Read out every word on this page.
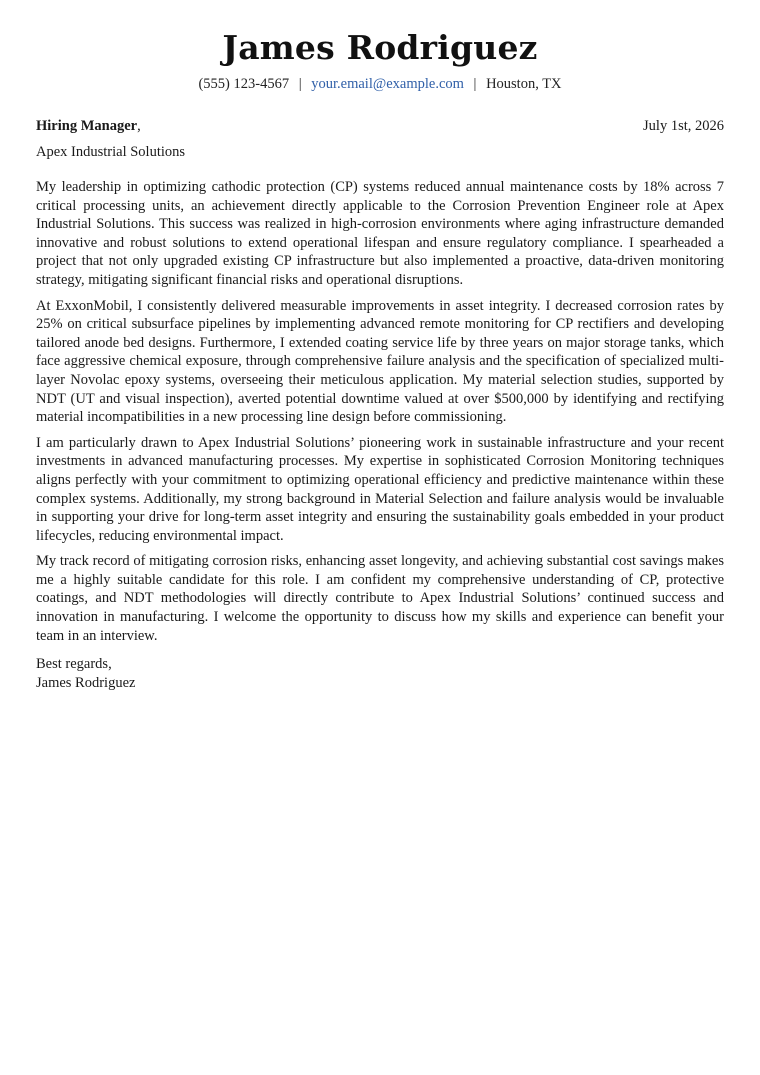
James Rodriguez
(555) 123-4567 | your.email@example.com | Houston, TX
Hiring Manager,	July 1st, 2026
Apex Industrial Solutions

My leadership in optimizing cathodic protection (CP) systems reduced annual maintenance costs by 18% across 7 critical processing units, an achievement directly applicable to the Corrosion Prevention Engineer role at Apex Industrial Solutions. This success was realized in high-corrosion environments where aging infrastructure demanded innovative and robust solutions to extend operational lifespan and ensure regulatory compliance. I spearheaded a project that not only upgraded existing CP infrastructure but also implemented a proactive, data-driven monitoring strategy, mitigating significant financial risks and operational disruptions.

At ExxonMobil, I consistently delivered measurable improvements in asset integrity. I decreased corrosion rates by 25% on critical subsurface pipelines by implementing advanced remote monitoring for CP rectifiers and developing tailored anode bed designs. Furthermore, I extended coating service life by three years on major storage tanks, which face aggressive chemical exposure, through comprehensive failure analysis and the specification of specialized multi-layer Novolac epoxy systems, overseeing their meticulous application. My material selection studies, supported by NDT (UT and visual inspection), averted potential downtime valued at over $500,000 by identifying and rectifying material incompatibilities in a new processing line design before commissioning.

I am particularly drawn to Apex Industrial Solutions’ pioneering work in sustainable infrastructure and your recent investments in advanced manufacturing processes. My expertise in sophisticated Corrosion Monitoring techniques aligns perfectly with your commitment to optimizing operational efficiency and predictive maintenance within these complex systems. Additionally, my strong background in Material Selection and failure analysis would be invaluable in supporting your drive for long-term asset integrity and ensuring the sustainability goals embedded in your product lifecycles, reducing environmental impact.

My track record of mitigating corrosion risks, enhancing asset longevity, and achieving substantial cost savings makes me a highly suitable candidate for this role. I am confident my comprehensive understanding of CP, protective coatings, and NDT methodologies will directly contribute to Apex Industrial Solutions’ continued success and innovation in manufacturing. I welcome the opportunity to discuss how my skills and experience can benefit your team in an interview.

Best regards,
James Rodriguez
